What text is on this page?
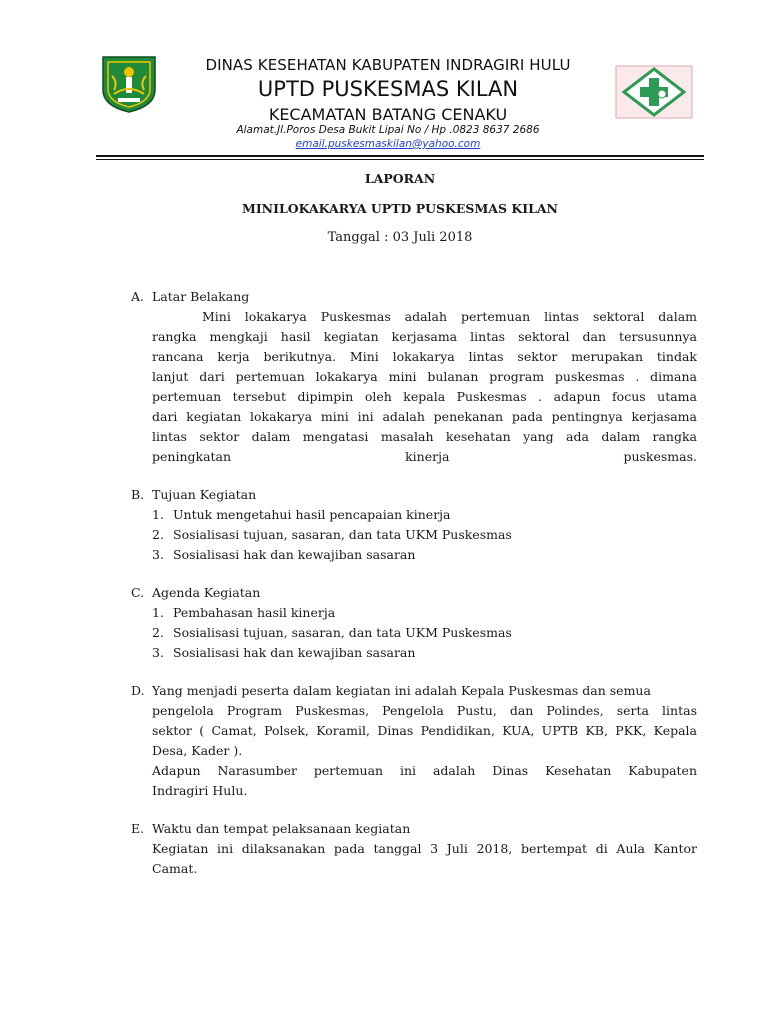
DINAS KESEHATAN KABUPATEN INDRAGIRI HULU
UPTD PUSKESMAS KILAN
KECAMATAN BATANG CENAKU
Alamat.Jl.Poros Desa Bukit Lipai No / Hp .0823 8637 2686
email.puskesmaskilan@yahoo.com
LAPORAN
MINILOKAKARYA UPTD PUSKESMAS KILAN
Tanggal : 03 Juli 2018
A. Latar Belakang
Mini lokakarya Puskesmas adalah pertemuan lintas sektoral dalam
rangka mengkaji hasil kegiatan kerjasama lintas sektoral dan tersusunnya
rancana kerja berikutnya. Mini lokakarya lintas sektor merupakan tindak
lanjut dari pertemuan lokakarya mini bulanan program puskesmas . dimana
pertemuan tersebut dipimpin oleh kepala Puskesmas . adapun focus utama
dari kegiatan lokakarya mini ini adalah penekanan pada pentingnya kerjasama
lintas sektor dalam mengatasi masalah kesehatan yang ada dalam rangka
peningkatan kinerja puskesmas.
B. Tujuan Kegiatan
1. Untuk mengetahui hasil pencapaian kinerja
2. Sosialisasi tujuan, sasaran, dan tata UKM Puskesmas
3. Sosialisasi hak dan kewajiban sasaran
C. Agenda Kegiatan
1. Pembahasan hasil kinerja
2. Sosialisasi tujuan, sasaran, dan tata UKM Puskesmas
3. Sosialisasi hak dan kewajiban sasaran
D. Yang menjadi peserta dalam kegiatan ini adalah Kepala Puskesmas dan semua
pengelola Program Puskesmas, Pengelola Pustu, dan Polindes, serta lintas
sektor ( Camat, Polsek, Koramil, Dinas Pendidikan, KUA, UPTB KB, PKK, Kepala
Desa, Kader ).
Adapun Narasumber pertemuan ini adalah Dinas Kesehatan Kabupaten
Indragiri Hulu.
E. Waktu dan tempat pelaksanaan kegiatan
Kegiatan ini dilaksanakan pada tanggal 3 Juli 2018, bertempat di Aula Kantor
Camat.
